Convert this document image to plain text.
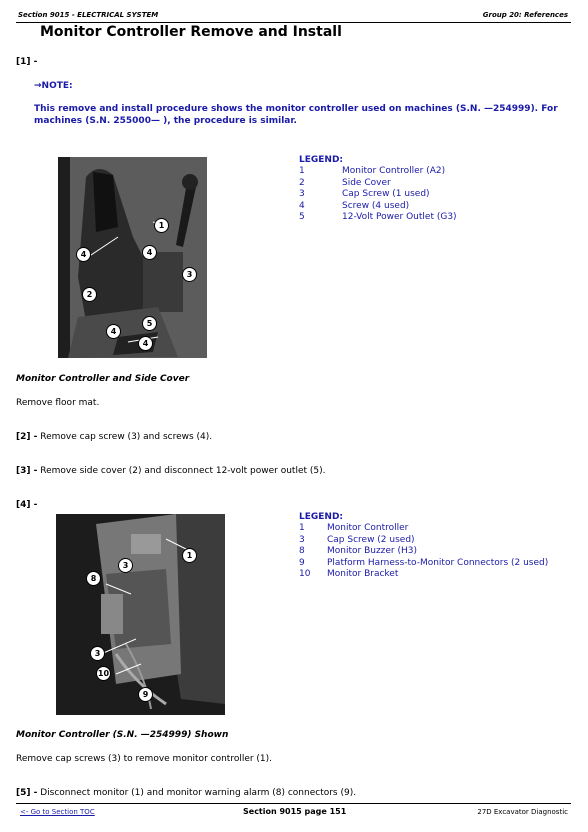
Section 9015 - ELECTRICAL SYSTEM	Group 20: References
Monitor Controller Remove and Install
[1] -
→NOTE:
This remove and install procedure shows the monitor controller used on machines (S.N. —254999). For
machines (S.N. 255000— ), the procedure is similar.
1
4	4
3
2
5
4
4
LEGEND:
1	Monitor Controller (A2)
2	Side Cover
3	Cap Screw (1 used)
4	Screw (4 used)
5	12-Volt Power Outlet (G3)
Monitor Controller and Side Cover
Remove floor mat.
[2] - Remove cap screw (3) and screws (4).
[3] - Remove side cover (2) and disconnect 12-volt power outlet (5).
[4] -
1
3
8
3
10
9
LEGEND:
1	Monitor Controller
3	Cap Screw (2 used)
8	Monitor Buzzer (H3)
9	Platform Harness-to-Monitor Connectors (2 used)
10	Monitor Bracket
Monitor Controller (S.N. —254999) Shown
Remove cap screws (3) to remove monitor controller (1).
[5] - Disconnect monitor (1) and monitor warning alarm (8) connectors (9).
<- Go to Section TOC	Section 9015 page 151	27D Excavator Diagnostic
